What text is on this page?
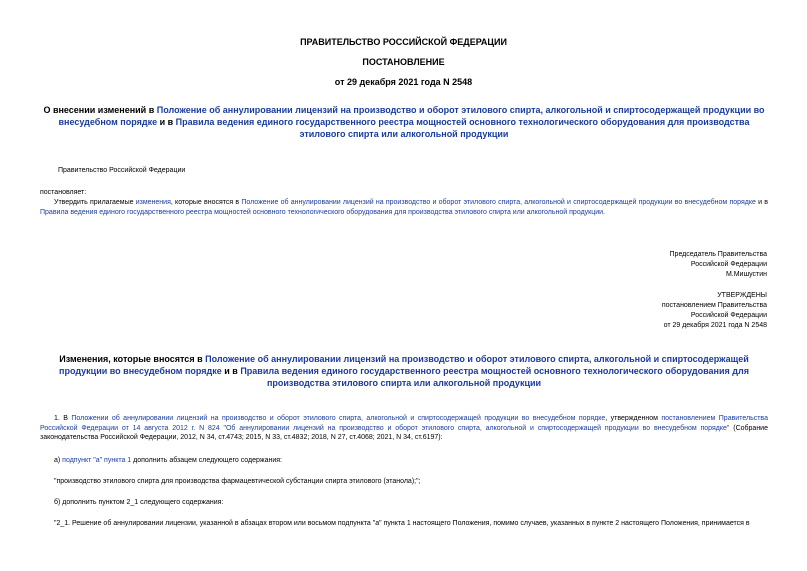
ПРАВИТЕЛЬСТВО РОССИЙСКОЙ ФЕДЕРАЦИИ
ПОСТАНОВЛЕНИЕ
от 29 декабря 2021 года N 2548
О внесении изменений в Положение об аннулировании лицензий на производство и оборот этилового спирта, алкогольной и спиртосодержащей продукции во внесудебном порядке и в Правила ведения единого государственного реестра мощностей основного технологического оборудования для производства этилового спирта или алкогольной продукции
Правительство Российской Федерации
постановляет:
Утвердить прилагаемые изменения, которые вносятся в Положение об аннулировании лицензий на производство и оборот этилового спирта, алкогольной и спиртосодержащей продукции во внесудебном порядке и в Правила ведения единого государственного реестра мощностей основного технологического оборудования для производства этилового спирта или алкогольной продукции.
Председатель Правительства
Российской Федерации
М.Мишустин
УТВЕРЖДЕНЫ
постановлением Правительства
Российской Федерации
от 29 декабря 2021 года N 2548
Изменения, которые вносятся в Положение об аннулировании лицензий на производство и оборот этилового спирта, алкогольной и спиртосодержащей продукции во внесудебном порядке и в Правила ведения единого государственного реестра мощностей основного технологического оборудования для производства этилового спирта или алкогольной продукции
1. В Положении об аннулировании лицензий на производство и оборот этилового спирта, алкогольной и спиртосодержащей продукции во внесудебном порядке, утвержденном постановлением Правительства Российской Федерации от 14 августа 2012 г. N 824 "Об аннулировании лицензий на производство и оборот этилового спирта, алкогольной и спиртосодержащей продукции во внесудебном порядке" (Собрание законодательства Российской Федерации, 2012, N 34, ст.4743; 2015, N 33, ст.4832; 2018, N 27, ст.4068; 2021, N 34, ст.6197):
а) подпункт "а" пункта 1 дополнить абзацем следующего содержания:
"производство этилового спирта для производства фармацевтической субстанции спирта этилового (этанола);";
б) дополнить пунктом 2_1 следующего содержания:
"2_1. Решение об аннулировании лицензии, указанной в абзацах втором или восьмом подпункта "а" пункта 1 настоящего Положения, помимо случаев, указанных в пункте 2 настоящего Положения, принимается в
